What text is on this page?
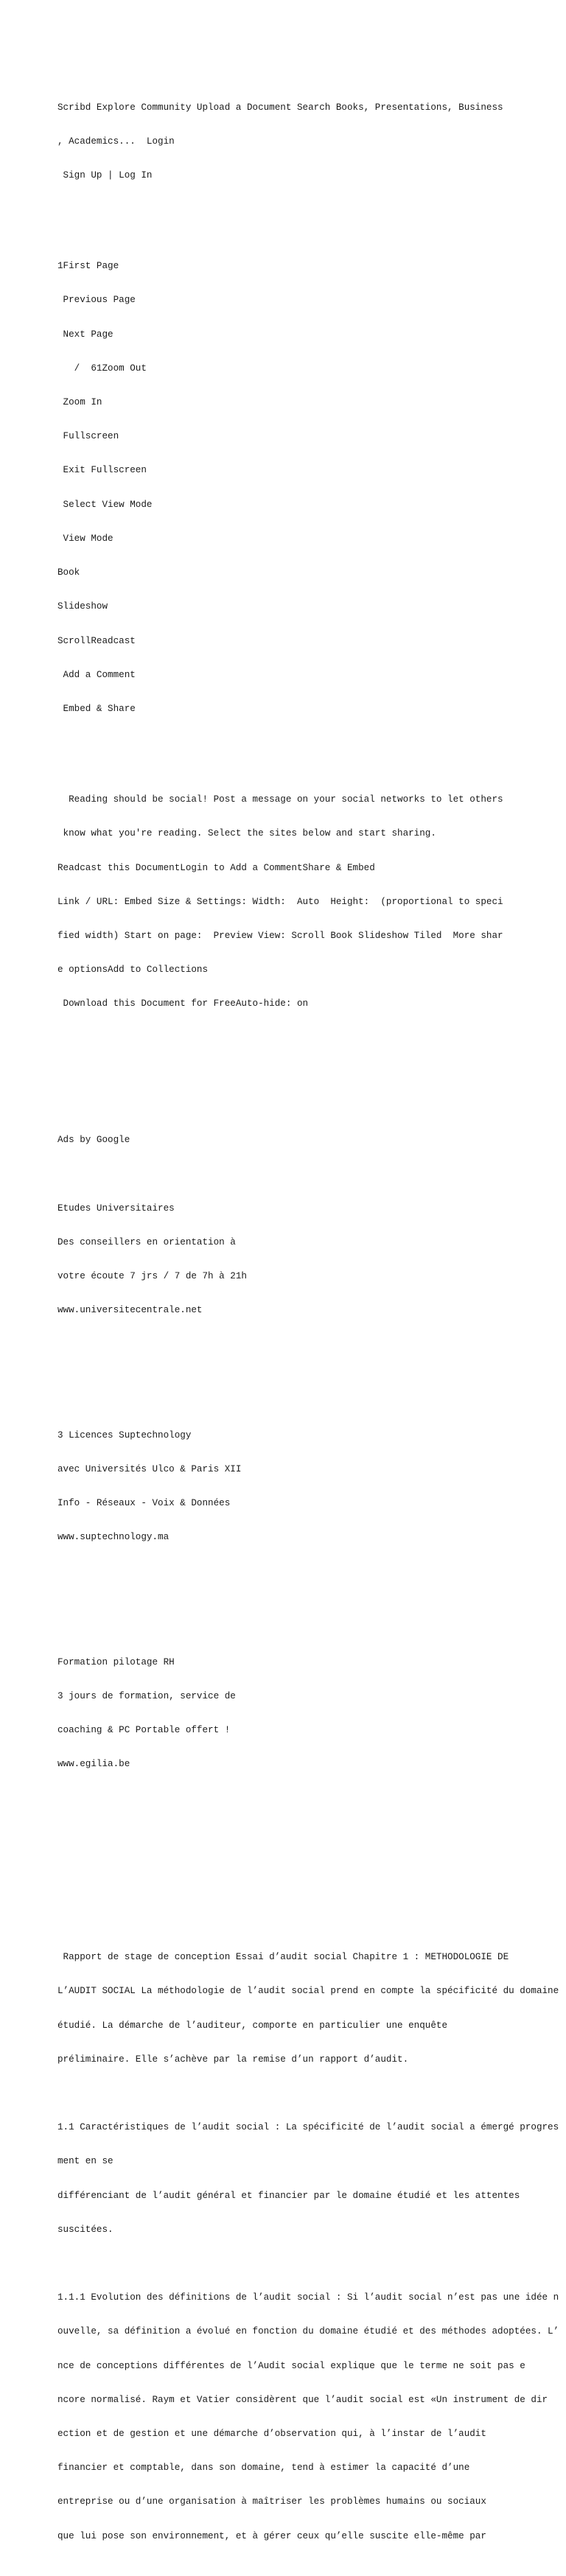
Scribd Explore Community Upload a Document Search Books, Presentations, Business

, Academics...  Login

Sign Up | Log In

1First Page

Previous Page

Next Page

/  61Zoom Out

Zoom In

Fullscreen

Exit Fullscreen

Select View Mode

View Mode

Book

Slideshow

ScrollReadcast

Add a Comment

Embed & Share

Reading should be social! Post a message on your social networks to let others

know what you're reading. Select the sites below and start sharing.

Readcast this DocumentLogin to Add a CommentShare & Embed

Link / URL: Embed Size & Settings: Width:  Auto  Height:  (proportional to speci

fied width) Start on page:  Preview View: Scroll Book Slideshow Tiled  More shar

e optionsAdd to Collections

Download this Document for FreeAuto-hide: on

Ads by Google

Etudes Universitaires

Des conseillers en orientation à

votre écoute 7 jrs / 7 de 7h à 21h

www.universitecentrale.net

3 Licences Suptechnology

avec Universités Ulco & Paris XII

Info - Réseaux - Voix & Données

www.suptechnology.ma

Formation pilotage RH

3 jours de formation, service de

coaching & PC Portable offert !

www.egilia.be

Rapport de stage de conception Essai d’audit social Chapitre 1 : METHODOLOGIE DE

L’AUDIT SOCIAL La méthodologie de l’audit social prend en compte la spécificité du domaine

étudié. La démarche de l’auditeur, comporte en particulier une enquête

préliminaire. Elle s’achève par la remise d’un rapport d’audit.

1.1 Caractéristiques de l’audit social : La spécificité de l’audit social a émergé progres

ment en se

différenciant de l’audit général et financier par le domaine étudié et les attentes

suscitées.

1.1.1 Evolution des définitions de l’audit social : Si l’audit social n’est pas une idée n

ouvelle, sa définition a évolué en fonction du domaine étudié et des méthodes adoptées. L’

nce de conceptions différentes de l’Audit social explique que le terme ne soit pas e

ncore normalisé. Raym et Vatier considèrent que l’audit social est «Un instrument de dir

ection et de gestion et une démarche d’observation qui, à l’instar de l’audit

financier et comptable, dans son domaine, tend à estimer la capacité d’une

entreprise ou d’une organisation à maîtriser les problèmes humains ou sociaux

que lui pose son environnement, et à gérer ceux qu’elle suscite elle-même par
